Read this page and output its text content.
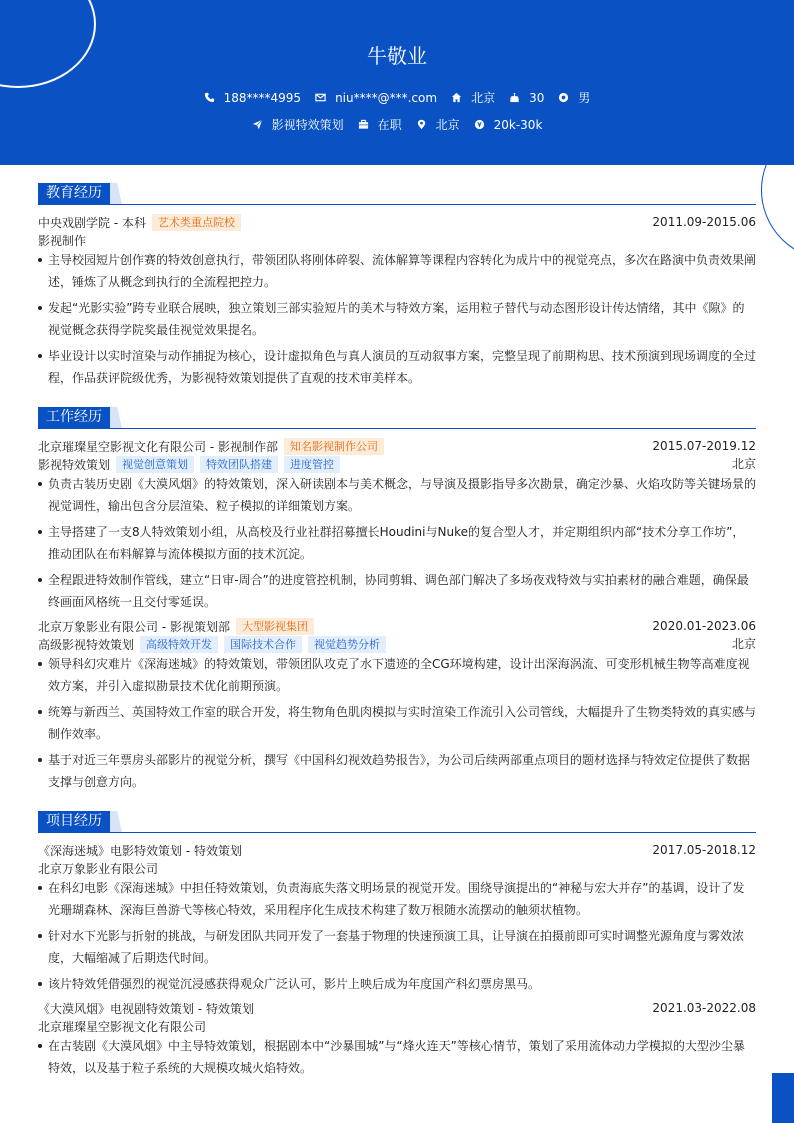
牛敬业
188****4995	niu****@***.com	北京	30	男
影视特效策划	在职	北京	20k-30k
教育经历
中央戏剧学院 - 本科	艺术类重点院校	2011.09-2015.06
影视制作
主导校园短片创作赛的特效创意执行，带领团队将刚体碎裂、流体解算等课程内容转化为成片中的视觉亮点，多次在路演中负责效果阐述，锤炼了从概念到执行的全流程把控力。
发起“光影实验”跨专业联合展映，独立策划三部实验短片的美术与特效方案，运用粒子替代与动态图形设计传达情绪，其中《隙》的视觉概念获得学院奖最佳视觉效果提名。
毕业设计以实时渲染与动作捕捉为核心，设计虚拟角色与真人演员的互动叙事方案，完整呈现了前期构思、技术预演到现场调度的全过程，作品获评院级优秀，为影视特效策划提供了直观的技术审美样本。
工作经历
北京璀璨星空影视文化有限公司 - 影视制作部	知名影视制作公司	2015.07-2019.12
影视特效策划	视觉创意策划	特效团队搭建	进度管控	北京
负责古装历史剧《大漠风烟》的特效策划，深入研读剧本与美术概念，与导演及摄影指导多次勘景，确定沙暴、火焰攻防等关键场景的视觉调性，输出包含分层渲染、粒子模拟的详细策划方案。
主导搭建了一支8人特效策划小组，从高校及行业社群招募擅长Houdini与Nuke的复合型人才，并定期组织内部“技术分享工作坊”，推动团队在布料解算与流体模拟方面的技术沉淀。
全程跟进特效制作管线，建立“日审-周合”的进度管控机制，协同剪辑、调色部门解决了多场夜戏特效与实拍素材的融合难题，确保最终画面风格统一且交付零延误。
北京万象影业有限公司 - 影视策划部	大型影视集团	2020.01-2023.06
高级影视特效策划	高级特效开发	国际技术合作	视觉趋势分析	北京
领导科幻灾难片《深海迷城》的特效策划，带领团队攻克了水下遗迹的全CG环境构建，设计出深海涡流、可变形机械生物等高难度视效方案，并引入虚拟勘景技术优化前期预演。
统筹与新西兰、英国特效工作室的联合开发，将生物角色肌肉模拟与实时渲染工作流引入公司管线，大幅提升了生物类特效的真实感与制作效率。
基于对近三年票房头部影片的视觉分析，撰写《中国科幻视效趋势报告》，为公司后续两部重点项目的题材选择与特效定位提供了数据支撑与创意方向。
项目经历
《深海迷城》电影特效策划 - 特效策划	2017.05-2018.12
北京万象影业有限公司
在科幻电影《深海迷城》中担任特效策划，负责海底失落文明场景的视觉开发。围绕导演提出的“神秘与宏大并存”的基调，设计了发光珊瑚森林、深海巨兽游弋等核心特效，采用程序化生成技术构建了数万根随水流摆动的触须状植物。
针对水下光影与折射的挑战，与研发团队共同开发了一套基于物理的快速预演工具，让导演在拍摄前即可实时调整光源角度与雾效浓度，大幅缩减了后期迭代时间。
该片特效凭借强烈的视觉沉浸感获得观众广泛认可，影片上映后成为年度国产科幻票房黑马。
《大漠风烟》电视剧特效策划 - 特效策划	2021.03-2022.08
北京璀璨星空影视文化有限公司
在古装剧《大漠风烟》中主导特效策划，根据剧本中“沙暴围城”与“烽火连天”等核心情节，策划了采用流体动力学模拟的大型沙尘暴特效，以及基于粒子系统的大规模攻城火焰特效。
